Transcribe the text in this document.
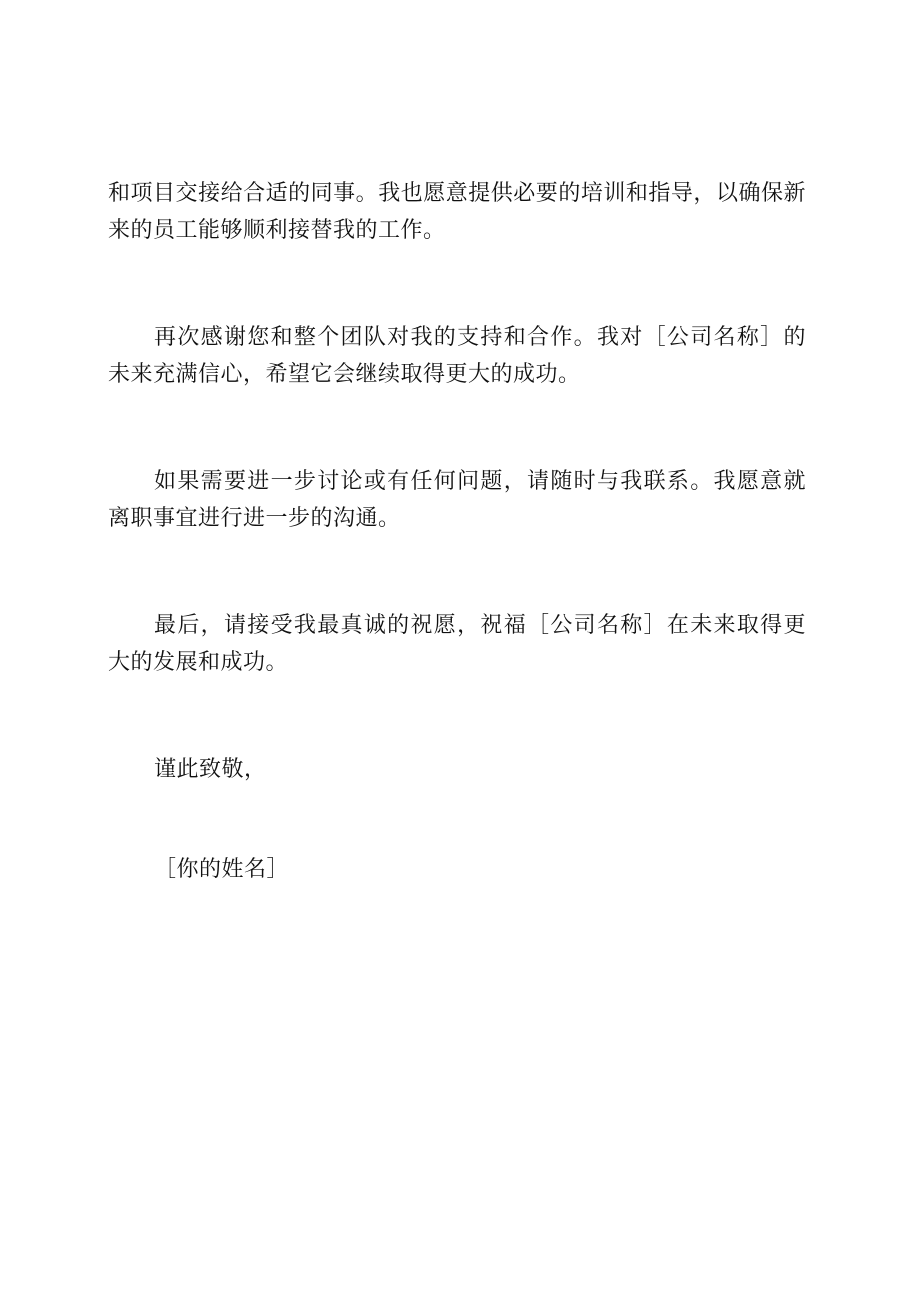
和项目交接给合适的同事。我也愿意提供必要的培训和指导，以确保新来的员工能够顺利接替我的工作。

再次感谢您和整个团队对我的支持和合作。我对［公司名称］的未来充满信心，希望它会继续取得更大的成功。

如果需要进一步讨论或有任何问题，请随时与我联系。我愿意就离职事宜进行进一步的沟通。

最后，请接受我最真诚的祝愿，祝福［公司名称］在未来取得更大的发展和成功。

谨此致敬，

［你的姓名］
